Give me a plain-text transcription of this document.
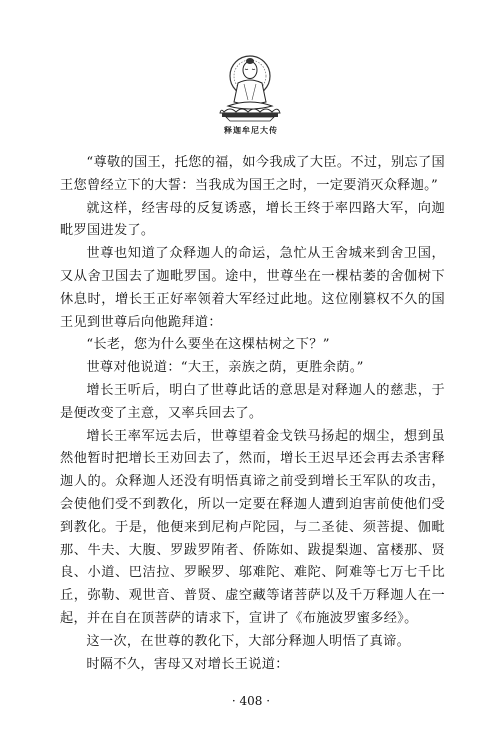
释迦牟尼大传

“尊敬的国王，托您的福，如今我成了大臣。不过，别忘了国王您曾经立下的大誓：当我成为国王之时，一定要消灭众释迦。”

就这样，经害母的反复诱惑，增长王终于率四路大军，向迦毗罗国进发了。

世尊也知道了众释迦人的命运，急忙从王舍城来到舍卫国，又从舍卫国去了迦毗罗国。途中，世尊坐在一棵枯萎的舍伽树下休息时，增长王正好率领着大军经过此地。这位刚篡权不久的国王见到世尊后向他跪拜道：

“长老，您为什么要坐在这棵枯树之下？”

世尊对他说道：“大王，亲族之荫，更胜余荫。”

增长王听后，明白了世尊此话的意思是对释迦人的慈悲，于是便改变了主意，又率兵回去了。

增长王率军远去后，世尊望着金戈铁马扬起的烟尘，想到虽然他暂时把增长王劝回去了，然而，增长王迟早还会再去杀害释迦人的。众释迦人还没有明悟真谛之前受到增长王军队的攻击，会使他们受不到教化，所以一定要在释迦人遭到迫害前使他们受到教化。于是，他便来到尼枸卢陀园，与二圣徒、须菩提、伽毗那、牛夫、大腹、罗跋罗陏者、侨陈如、跋提梨迦、富楼那、贤良、小道、巴洁拉、罗睺罗、邬难陀、难陀、阿难等七万七千比丘，弥勒、观世音、普贤、虚空藏等诸菩萨以及千万释迦人在一起，并在自在顶菩萨的请求下，宣讲了《布施波罗蜜多经》。

这一次，在世尊的教化下，大部分释迦人明悟了真谛。

时隔不久，害母又对增长王说道：

· 408 ·
